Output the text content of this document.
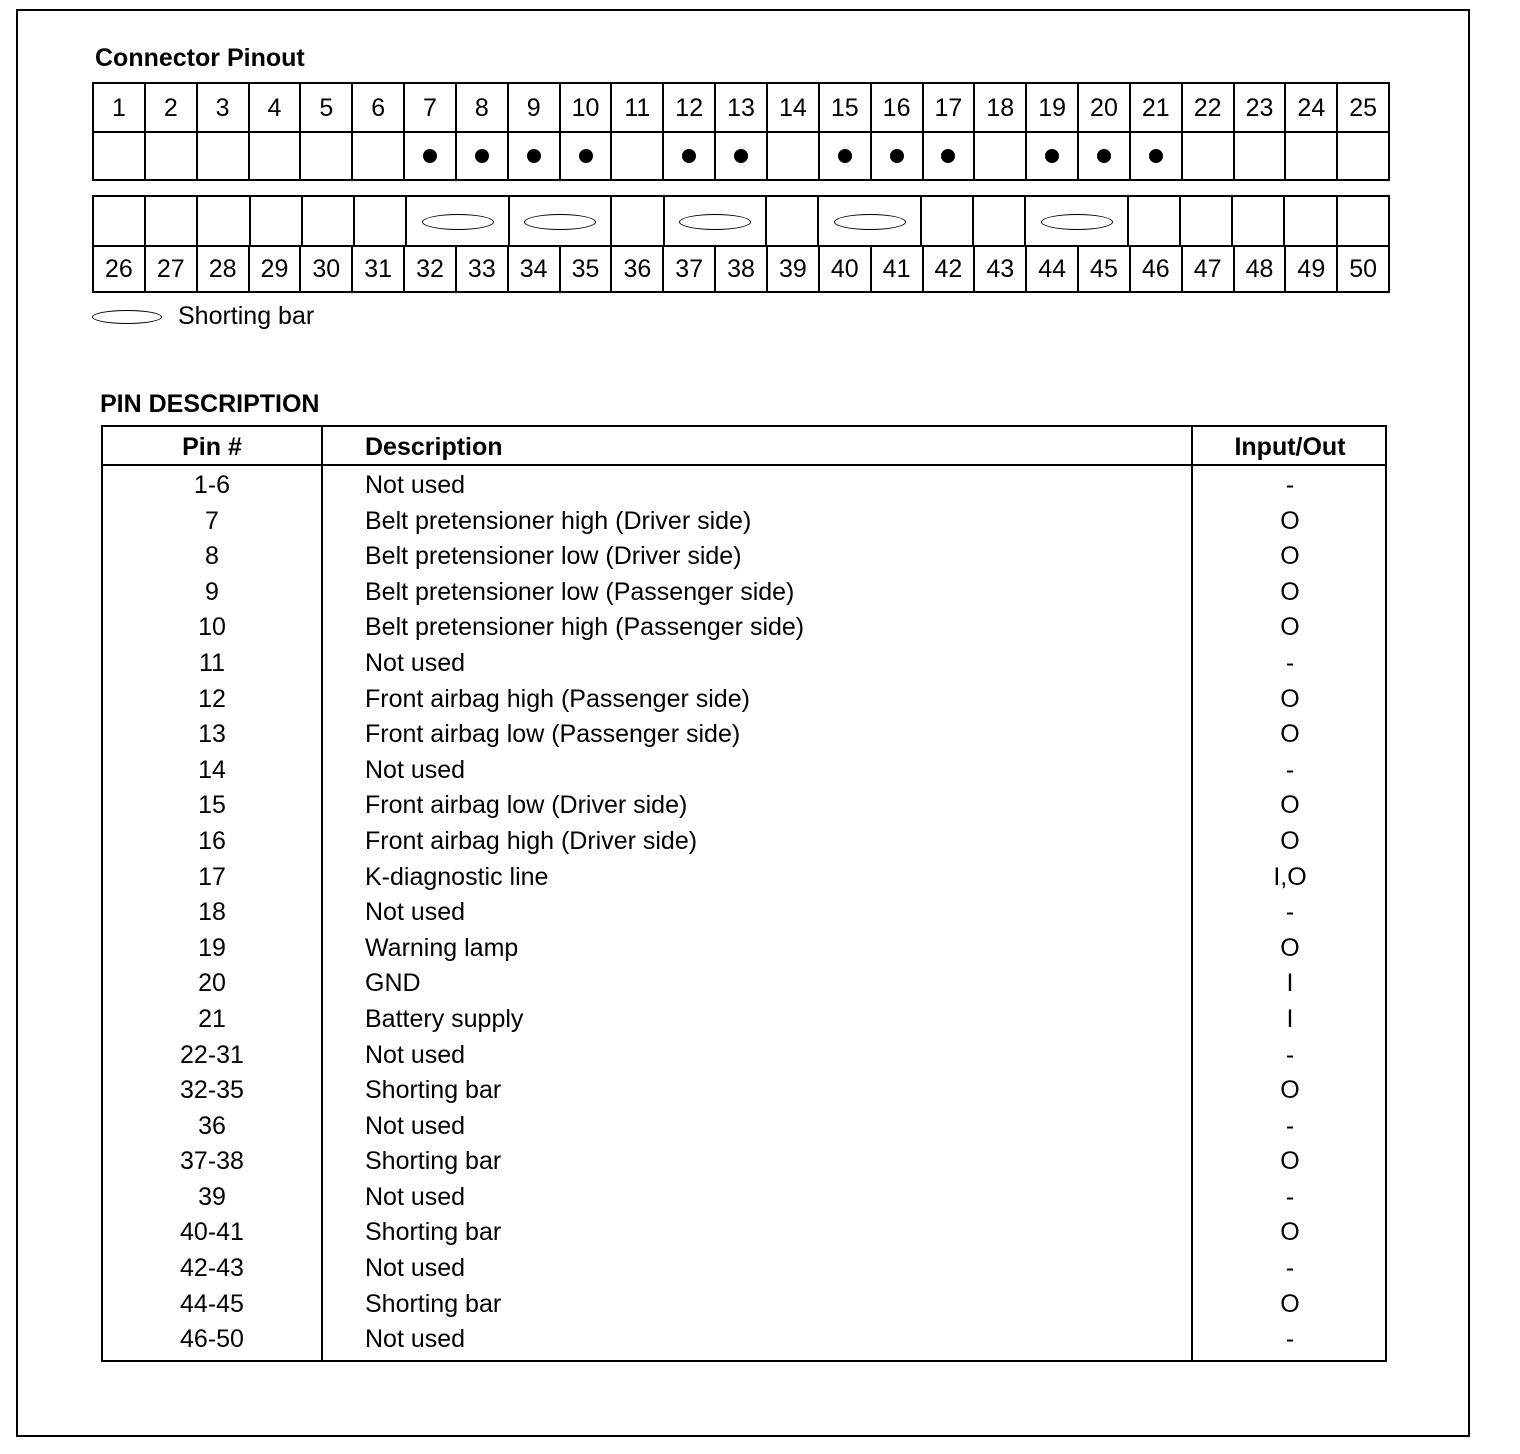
Connector Pinout
1	2	3	4	5	6	7	8	9	10 11 12 13 14 15 16 17 18 19 20 21 22 23 24 25
26 27 28 29 30 31 32 33 34 35 36 37 38 39 40 41 42 43 44 45 46 47 48 49 50
Shorting bar
PIN DESCRIPTION
Pin #	Description	Input/Out
1-6	Not used	-
7	Belt pretensioner high (Driver side)	O
8	Belt pretensioner low (Driver side)	O
9	Belt pretensioner low (Passenger side)	O
10	Belt pretensioner high (Passenger side)	O
11	Not used	-
12	Front airbag high (Passenger side)	O
13	Front airbag low (Passenger side)	O
14	Not used	-
15	Front airbag low (Driver side)	O
16	Front airbag high (Driver side)	O
17	K-diagnostic line	I,O
18	Not used	-
19	Warning lamp	O
20	GND	I
21	Battery supply	I
22-31	Not used	-
32-35	Shorting bar	O
36	Not used	-
37-38	Shorting bar	O
39	Not used	-
40-41	Shorting bar	O
42-43	Not used	-
44-45	Shorting bar	O
46-50	Not used	-
